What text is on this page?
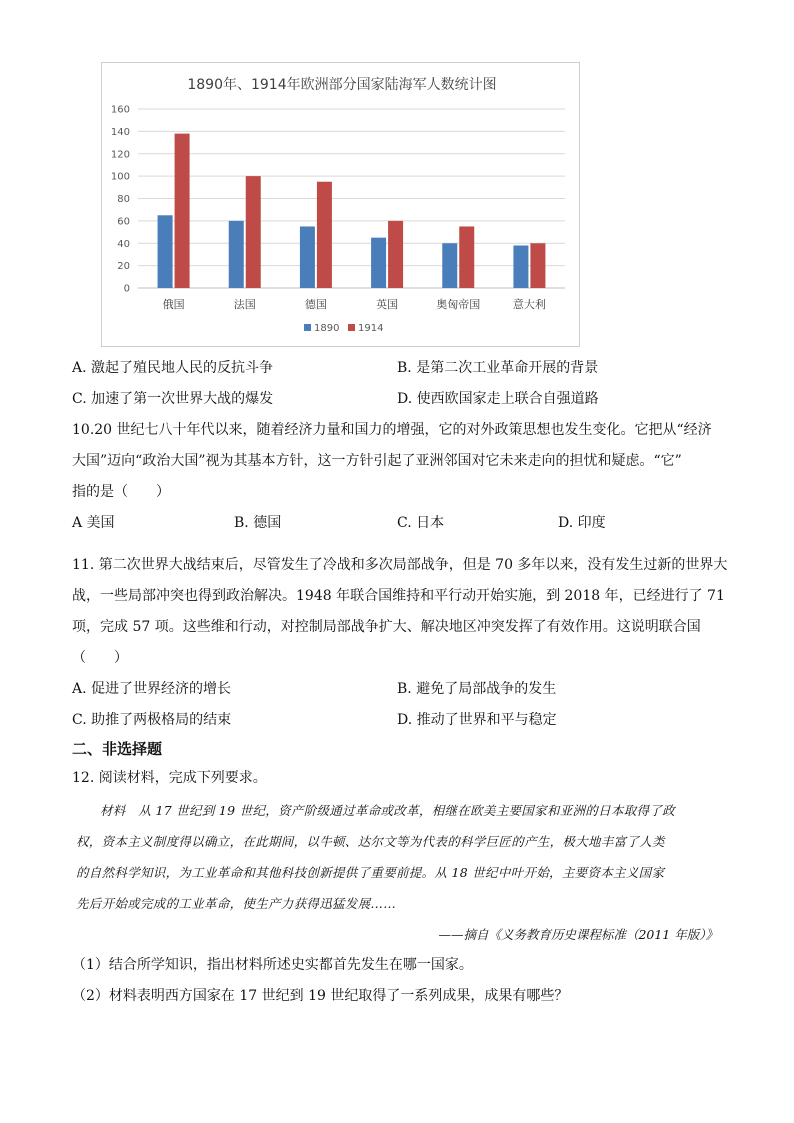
1890年、1914年欧洲部分国家陆海军人数统计图
0
20
40
60
80
100
120
140
160
俄国	法国	德国	英国	奥匈帝国	意大利
1890 1914
A. 激起了殖民地人民的反抗斗争	B. 是第二次工业革命开展的背景
C. 加速了第一次世界大战的爆发	D. 使西欧国家走上联合自强道路
10.20 世纪七八十年代以来，随着经济力量和国力的增强，它的对外政策思想也发生变化。它把从“经济
大国”迈向“政治大国”视为其基本方针，这一方针引起了亚洲邻国对它未来走向的担忧和疑虑。“它”
指的是（　　）
A 美国	B. 德国	C. 日本	D. 印度
11. 第二次世界大战结束后，尽管发生了冷战和多次局部战争，但是 70 多年以来，没有发生过新的世界大
战，一些局部冲突也得到政治解决。1948 年联合国维持和平行动开始实施，到 2018 年，已经进行了 71
项，完成 57 项。这些维和行动，对控制局部战争扩大、解决地区冲突发挥了有效作用。这说明联合国
（　　）
A. 促进了世界经济的增长	B. 避免了局部战争的发生
C. 助推了两极格局的结束	D. 推动了世界和平与稳定
二、非选择题
12. 阅读材料，完成下列要求。
材料　从 17 世纪到 19 世纪，资产阶级通过革命或改革，相继在欧美主要国家和亚洲的日本取得了政
权，资本主义制度得以确立，在此期间，以牛顿、达尔文等为代表的科学巨匠的产生，极大地丰富了人类
的自然科学知识，为工业革命和其他科技创新提供了重要前提。从 18 世纪中叶开始，主要资本主义国家
先后开始或完成的工业革命，使生产力获得迅猛发展……
——摘自《义务教育历史课程标准（2011 年版）》
（1）结合所学知识，指出材料所述史实都首先发生在哪一国家。
（2）材料表明西方国家在 17 世纪到 19 世纪取得了一系列成果，成果有哪些？
